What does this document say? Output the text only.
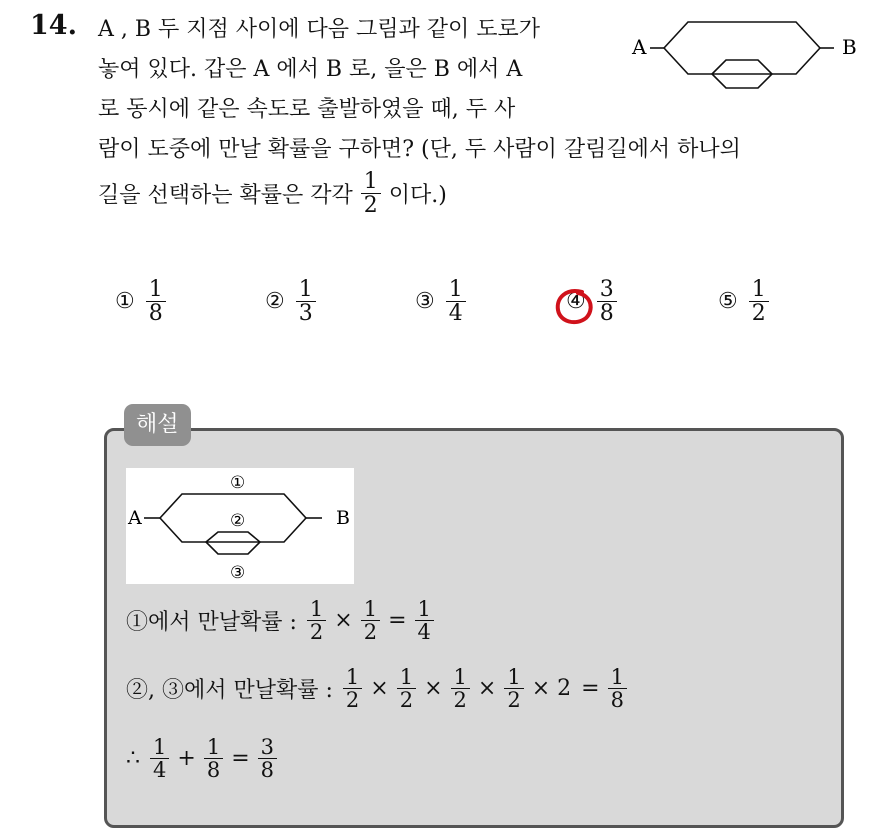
14. A , B 두 지점 사이에 다음 그림과 같이 도로가
놓여 있다. 갑은 A 에서 B 로, 을은 B 에서 A
로 동시에 같은 속도로 출발하였을 때, 두 사
람이 도중에 만날 확률을 구하면? (단, 두 사람이 갈림길에서 하나의
길을 선택하는 확률은 각각 $\frac{1}{2}$ 이다.)
A	B
① $\frac{1}{8}$	② $\frac{1}{3}$	③ $\frac{1}{4}$	④ $\frac{3}{8}$	⑤ $\frac{1}{2}$
해설
A	B
①
②
③
①에서 만날확률 : $\frac{1}{2} \times \frac{1}{2} = \frac{1}{4}$
②, ③에서 만날확률 : $\frac{1}{2} \times \frac{1}{2} \times \frac{1}{2} \times \frac{1}{2} \times 2 = \frac{1}{8}$
∴ $\frac{1}{4} + \frac{1}{8} = \frac{3}{8}$
